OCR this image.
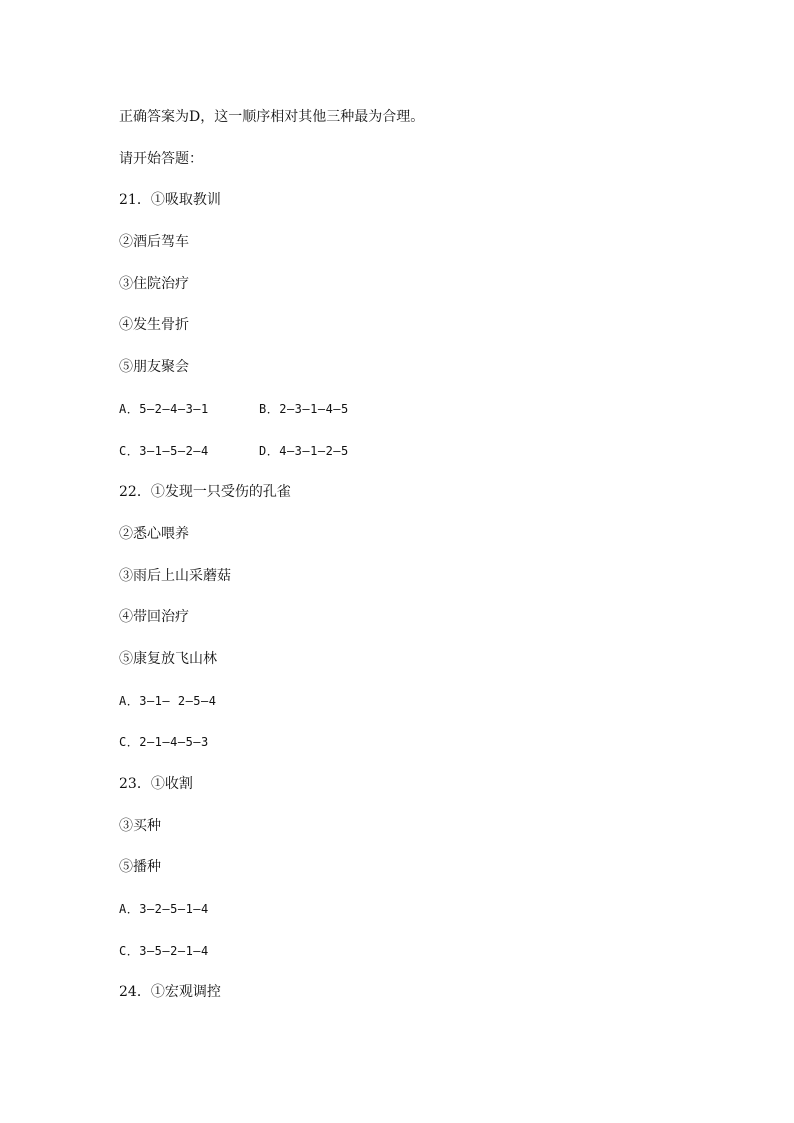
正确答案为D，这一顺序相对其他三种最为合理。
请开始答题：
21．①吸取教训
②酒后驾车
③住院治疗
④发生骨折
⑤朋友聚会
A．5—2—4—3—1	B．2—3—1—4—5
C．3—1—5—2—4	D．4—3—1—2—5
22．①发现一只受伤的孔雀
②悉心喂养
③雨后上山采蘑菇
④带回治疗
⑤康复放飞山林
A．3—1— 2—5—4
C．2—1—4—5—3
23．①收割
③买种
⑤播种
A．3—2—5—1—4
C．3—5—2—1—4
24．①宏观调控
